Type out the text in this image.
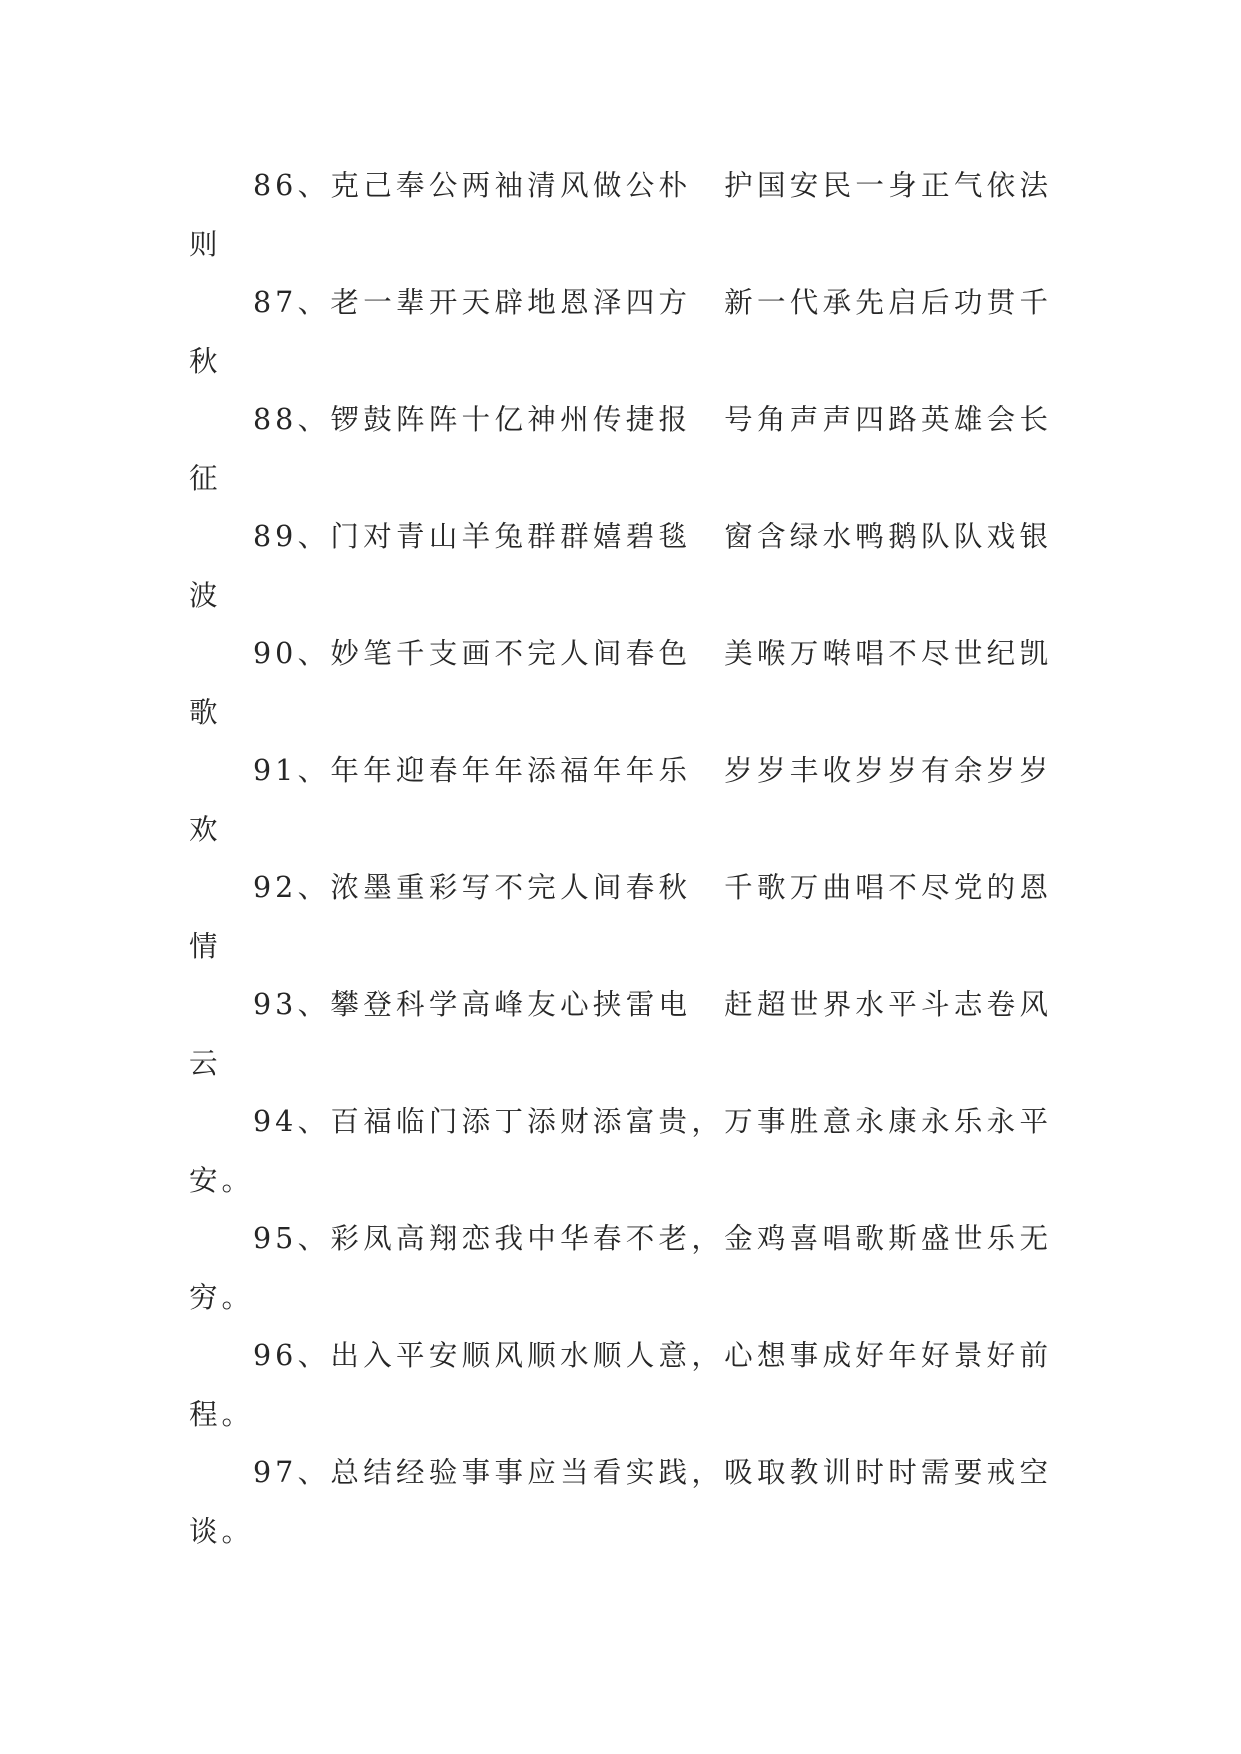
86、克己奉公两袖清风做公朴　护国安民一身正气依法则

87、老一辈开天辟地恩泽四方　新一代承先启后功贯千秋

88、锣鼓阵阵十亿神州传捷报　号角声声四路英雄会长征

89、门对青山羊兔群群嬉碧毯　窗含绿水鸭鹅队队戏银波

90、妙笔千支画不完人间春色　美喉万啭唱不尽世纪凯歌

91、年年迎春年年添福年年乐　岁岁丰收岁岁有余岁岁欢

92、浓墨重彩写不完人间春秋　千歌万曲唱不尽党的恩情

93、攀登科学高峰友心挟雷电　赶超世界水平斗志卷风云

94、百福临门添丁添财添富贵，万事胜意永康永乐永平安。

95、彩凤高翔恋我中华春不老，金鸡喜唱歌斯盛世乐无穷。

96、出入平安顺风顺水顺人意，心想事成好年好景好前程。

97、总结经验事事应当看实践，吸取教训时时需要戒空谈。
